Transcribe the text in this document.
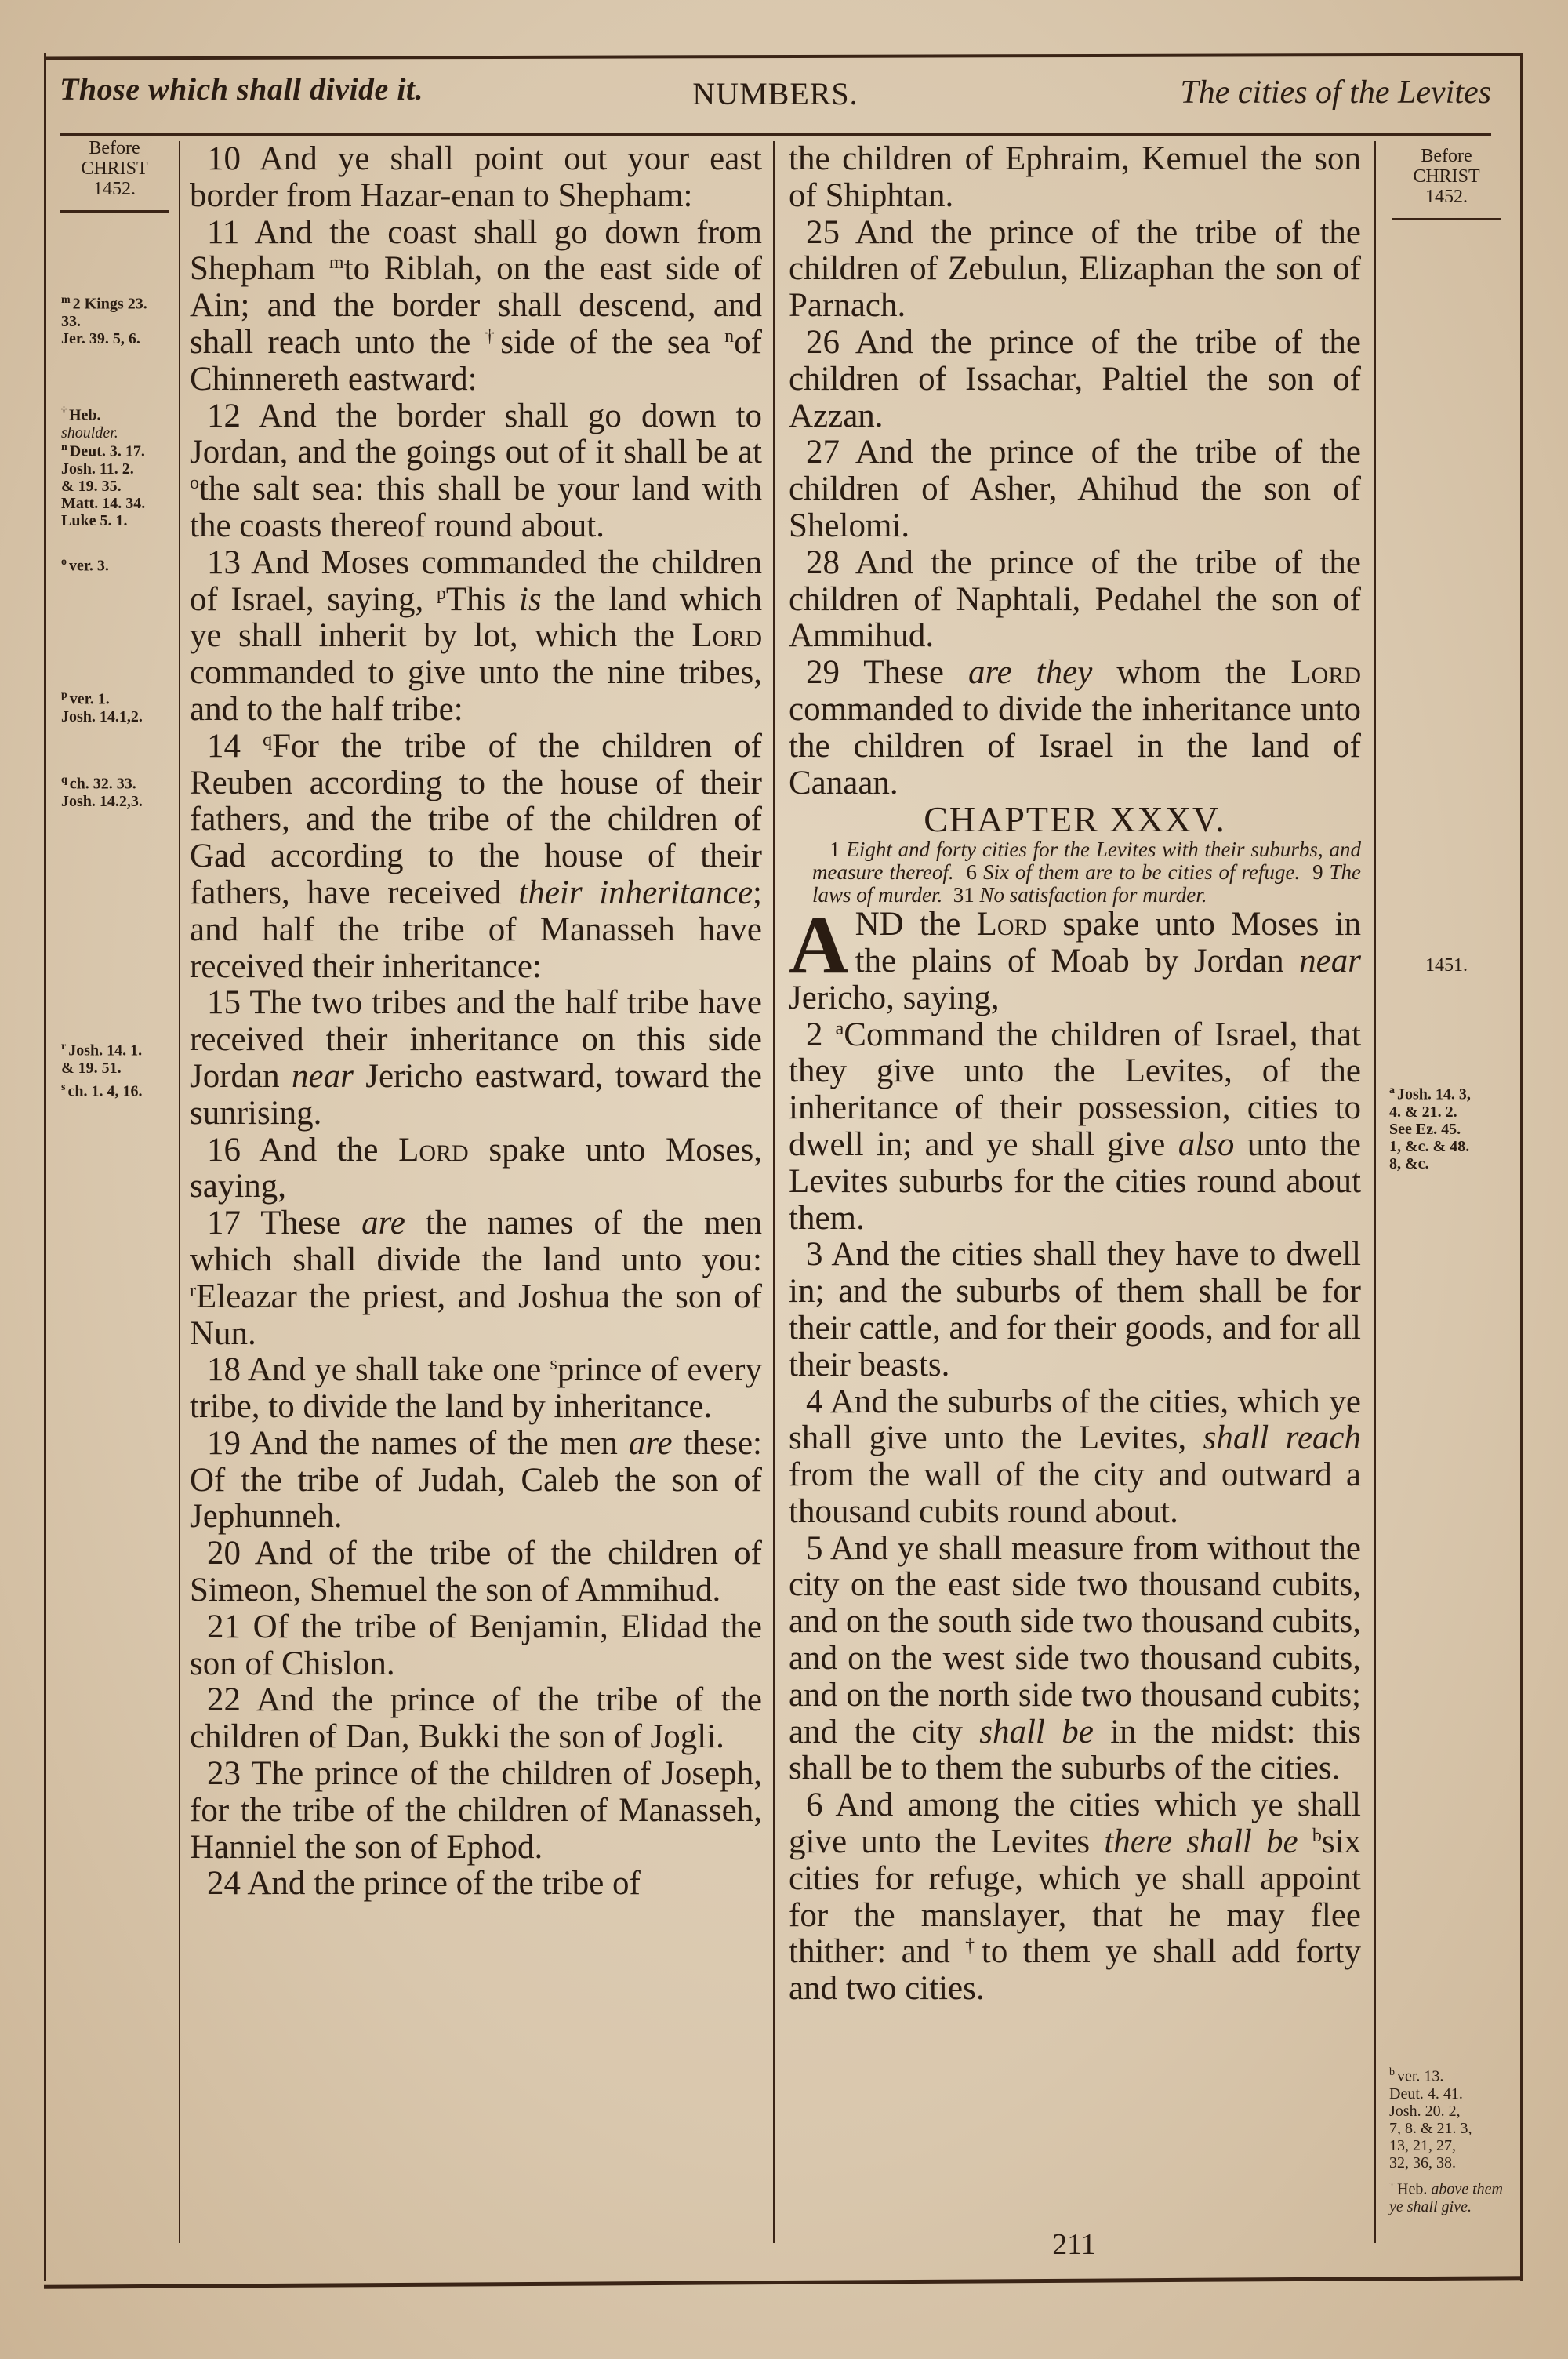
Those which shall divide it.	NUMBERS.	The cities of the Levites
Before
CHRIST
1452.
$^m$ 2 Kings 23.
33.
Jer. 39. 5, 6.
† Heb.
shoulder.
$^n$ Deut. 3. 17.
Josh. 11. 2.
& 19. 35.
Matt. 14. 34.
Luke 5. 1.
$^o$ ver. 3.
$^p$ ver. 1.
Josh. 14.1,2.
$^q$ ch. 32. 33.
Josh. 14.2,3.
$^r$ Josh. 14. 1.
& 19. 51.
$^s$ ch. 1. 4, 16.
Before
CHRIST
1452.
$^a$ Josh. 14. 3,
4. & 21. 2.
See Ez. 45.
1, &c. & 48.
8, &c.
$^b$ ver. 13.
Deut. 4. 41.
Josh. 20. 2,
7, 8. & 21. 3,
13, 21, 27,
32, 36, 38.
† Heb. above them ye shall give.
1451.

10 And ye shall point out your east border from Hazar-enan to Shepham:

11 And the coast shall go down from Shepham $^m$to Riblah, on the east side of Ain; and the border shall descend, and shall reach unto the †side of the sea $^n$of Chinnereth eastward:

12 And the border shall go down to Jordan, and the goings out of it shall be at $^o$the salt sea: this shall be your land with the coasts thereof round about.

13 And Moses commanded the children of Israel, saying, $^p$This is the land which ye shall inherit by lot, which the Lord commanded to give unto the nine tribes, and to the half tribe:

14 $^q$For the tribe of the children of Reuben according to the house of their fathers, and the tribe of the children of Gad according to the house of their fathers, have received their inheritance; and half the tribe of Manasseh have received their inheritance:

15 The two tribes and the half tribe have received their inheritance on this side Jordan near Jericho eastward, toward the sunrising.

16 And the Lord spake unto Moses, saying,

17 These are the names of the men which shall divide the land unto you: $^r$Eleazar the priest, and Joshua the son of Nun.

18 And ye shall take one $^s$prince of every tribe, to divide the land by inheritance.

19 And the names of the men are these: Of the tribe of Judah, Caleb the son of Jephunneh.

20 And of the tribe of the children of Simeon, Shemuel the son of Ammihud.

21 Of the tribe of Benjamin, Elidad the son of Chislon.

22 And the prince of the tribe of the children of Dan, Bukki the son of Jogli.

23 The prince of the children of Joseph, for the tribe of the children of Manasseh, Hanniel the son of Ephod.

24 And the prince of the tribe of

the children of Ephraim, Kemuel the son of Shiphtan.

25 And the prince of the tribe of the children of Zebulun, Elizaphan the son of Parnach.

26 And the prince of the tribe of the children of Issachar, Paltiel the son of Azzan.

27 And the prince of the tribe of the children of Asher, Ahihud the son of Shelomi.

28 And the prince of the tribe of the children of Naphtali, Pedahel the son of Ammihud.

29 These are they whom the Lord commanded to divide the inheritance unto the children of Israel in the land of Canaan.

CHAPTER XXXV.

1 Eight and forty cities for the Levites with their suburbs, and measure thereof. 6 Six of them are to be cities of refuge. 9 The laws of murder. 31 No satisfaction for murder.

AND the Lord spake unto Moses in the plains of Moab by Jordan near Jericho, saying,

2 $^a$Command the children of Israel, that they give unto the Levites, of the inheritance of their possession, cities to dwell in; and ye shall give also unto the Levites suburbs for the cities round about them.

3 And the cities shall they have to dwell in; and the suburbs of them shall be for their cattle, and for their goods, and for all their beasts.

4 And the suburbs of the cities, which ye shall give unto the Levites, shall reach from the wall of the city and outward a thousand cubits round about.

5 And ye shall measure from without the city on the east side two thousand cubits, and on the south side two thousand cubits, and on the west side two thousand cubits, and on the north side two thousand cubits; and the city shall be in the midst: this shall be to them the suburbs of the cities.

6 And among the cities which ye shall give unto the Levites there shall be $^b$six cities for refuge, which ye shall appoint for the manslayer, that he may flee thither: and †to them ye shall add forty and two cities.

211
